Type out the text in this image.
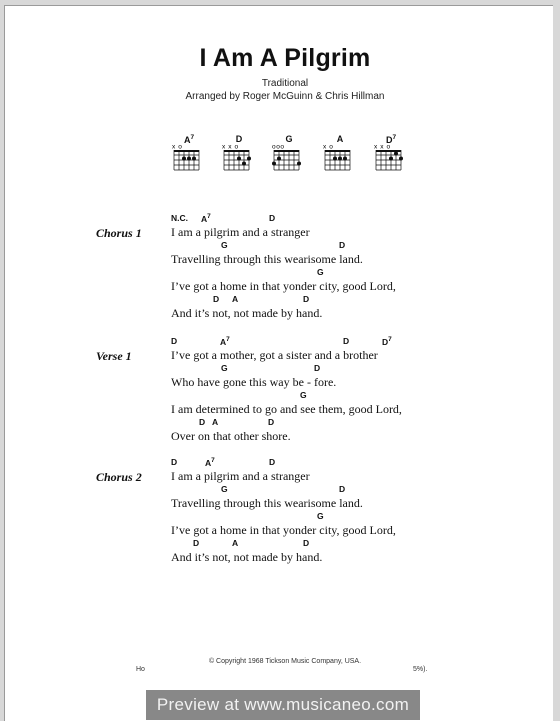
I Am A Pilgrim
Traditional
Arranged by Roger McGuinn & Chris Hillman
$A^7$
x o
D
x x o
G
ooo
A
x o
$D^7$
x x o
Chorus 1
N.C. $A^7$	D
I am a pilgrim and a stranger
G	D
Travelling through this wearisome land.
G
I’ve got a home in that yonder city, good Lord,
D A	D
And it’s not, not made by hand.
Verse 1
D	$A^7$	D	$D^7$
I’ve got a mother, got a sister and a brother
G	D
Who have gone this way be - fore.
G
I am determined to go and see them, good Lord,
D A	D
Over on that other shore.
Chorus 2
D	$A^7$	D
I am a pilgrim and a stranger
G	D
Travelling through this wearisome land.
G
I’ve got a home in that yonder city, good Lord,
D	A	D
And it’s not, not made by hand.
© Copyright 1968 Tickson Music Company, USA.
Ho	5%).
Preview at www.musicaneo.com
